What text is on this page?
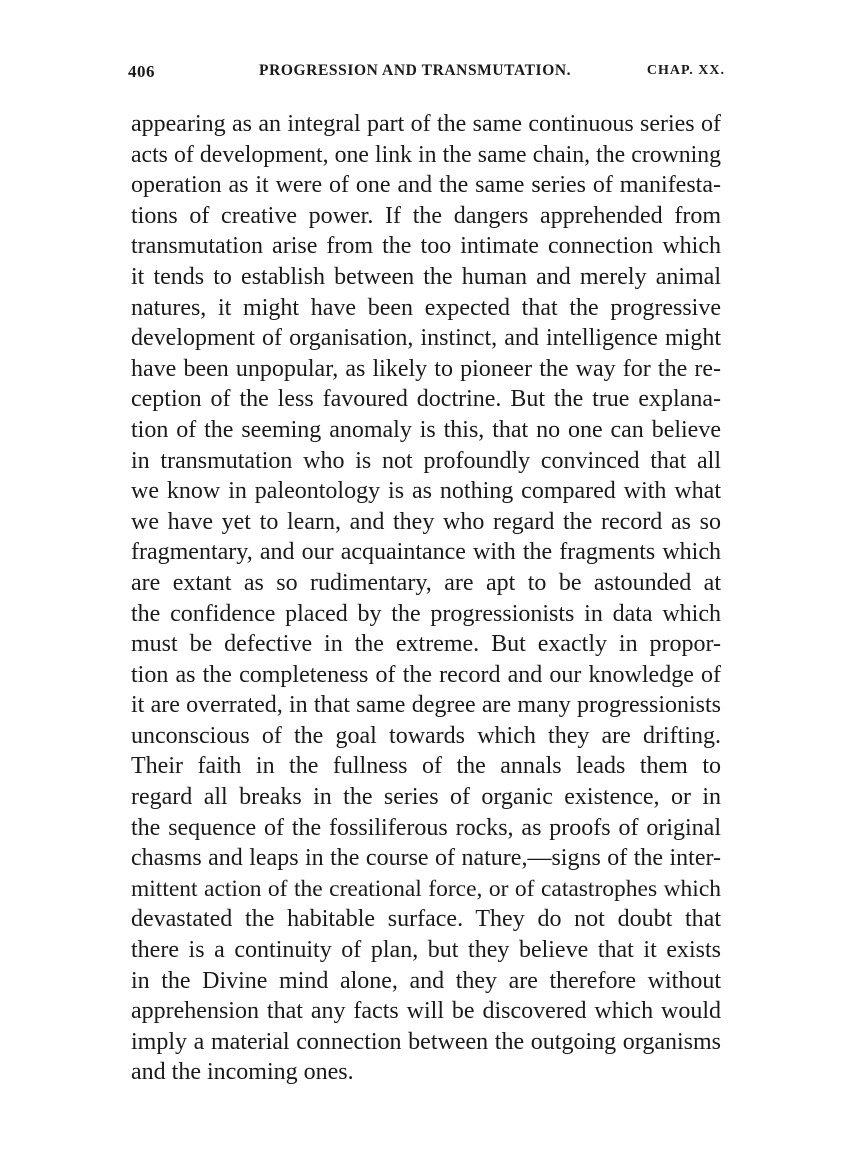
406	PROGRESSION AND TRANSMUTATION.	CHAP. XX.
appearing as an integral part of the same continuous series of
acts of development, one link in the same chain, the crowning
operation as it were of one and the same series of manifesta-
tions of creative power. If the dangers apprehended from
transmutation arise from the too intimate connection which
it tends to establish between the human and merely animal
natures, it might have been expected that the progressive
development of organisation, instinct, and intelligence might
have been unpopular, as likely to pioneer the way for the re-
ception of the less favoured doctrine. But the true explana-
tion of the seeming anomaly is this, that no one can believe
in transmutation who is not profoundly convinced that all
we know in paleontology is as nothing compared with what
we have yet to learn, and they who regard the record as so
fragmentary, and our acquaintance with the fragments which
are extant as so rudimentary, are apt to be astounded at
the confidence placed by the progressionists in data which
must be defective in the extreme. But exactly in propor-
tion as the completeness of the record and our knowledge of
it are overrated, in that same degree are many progressionists
unconscious of the goal towards which they are drifting.
Their faith in the fullness of the annals leads them to
regard all breaks in the series of organic existence, or in
the sequence of the fossiliferous rocks, as proofs of original
chasms and leaps in the course of nature,—signs of the inter-
mittent action of the creational force, or of catastrophes which
devastated the habitable surface. They do not doubt that
there is a continuity of plan, but they believe that it exists
in the Divine mind alone, and they are therefore without
apprehension that any facts will be discovered which would
imply a material connection between the outgoing organisms
and the incoming ones.
